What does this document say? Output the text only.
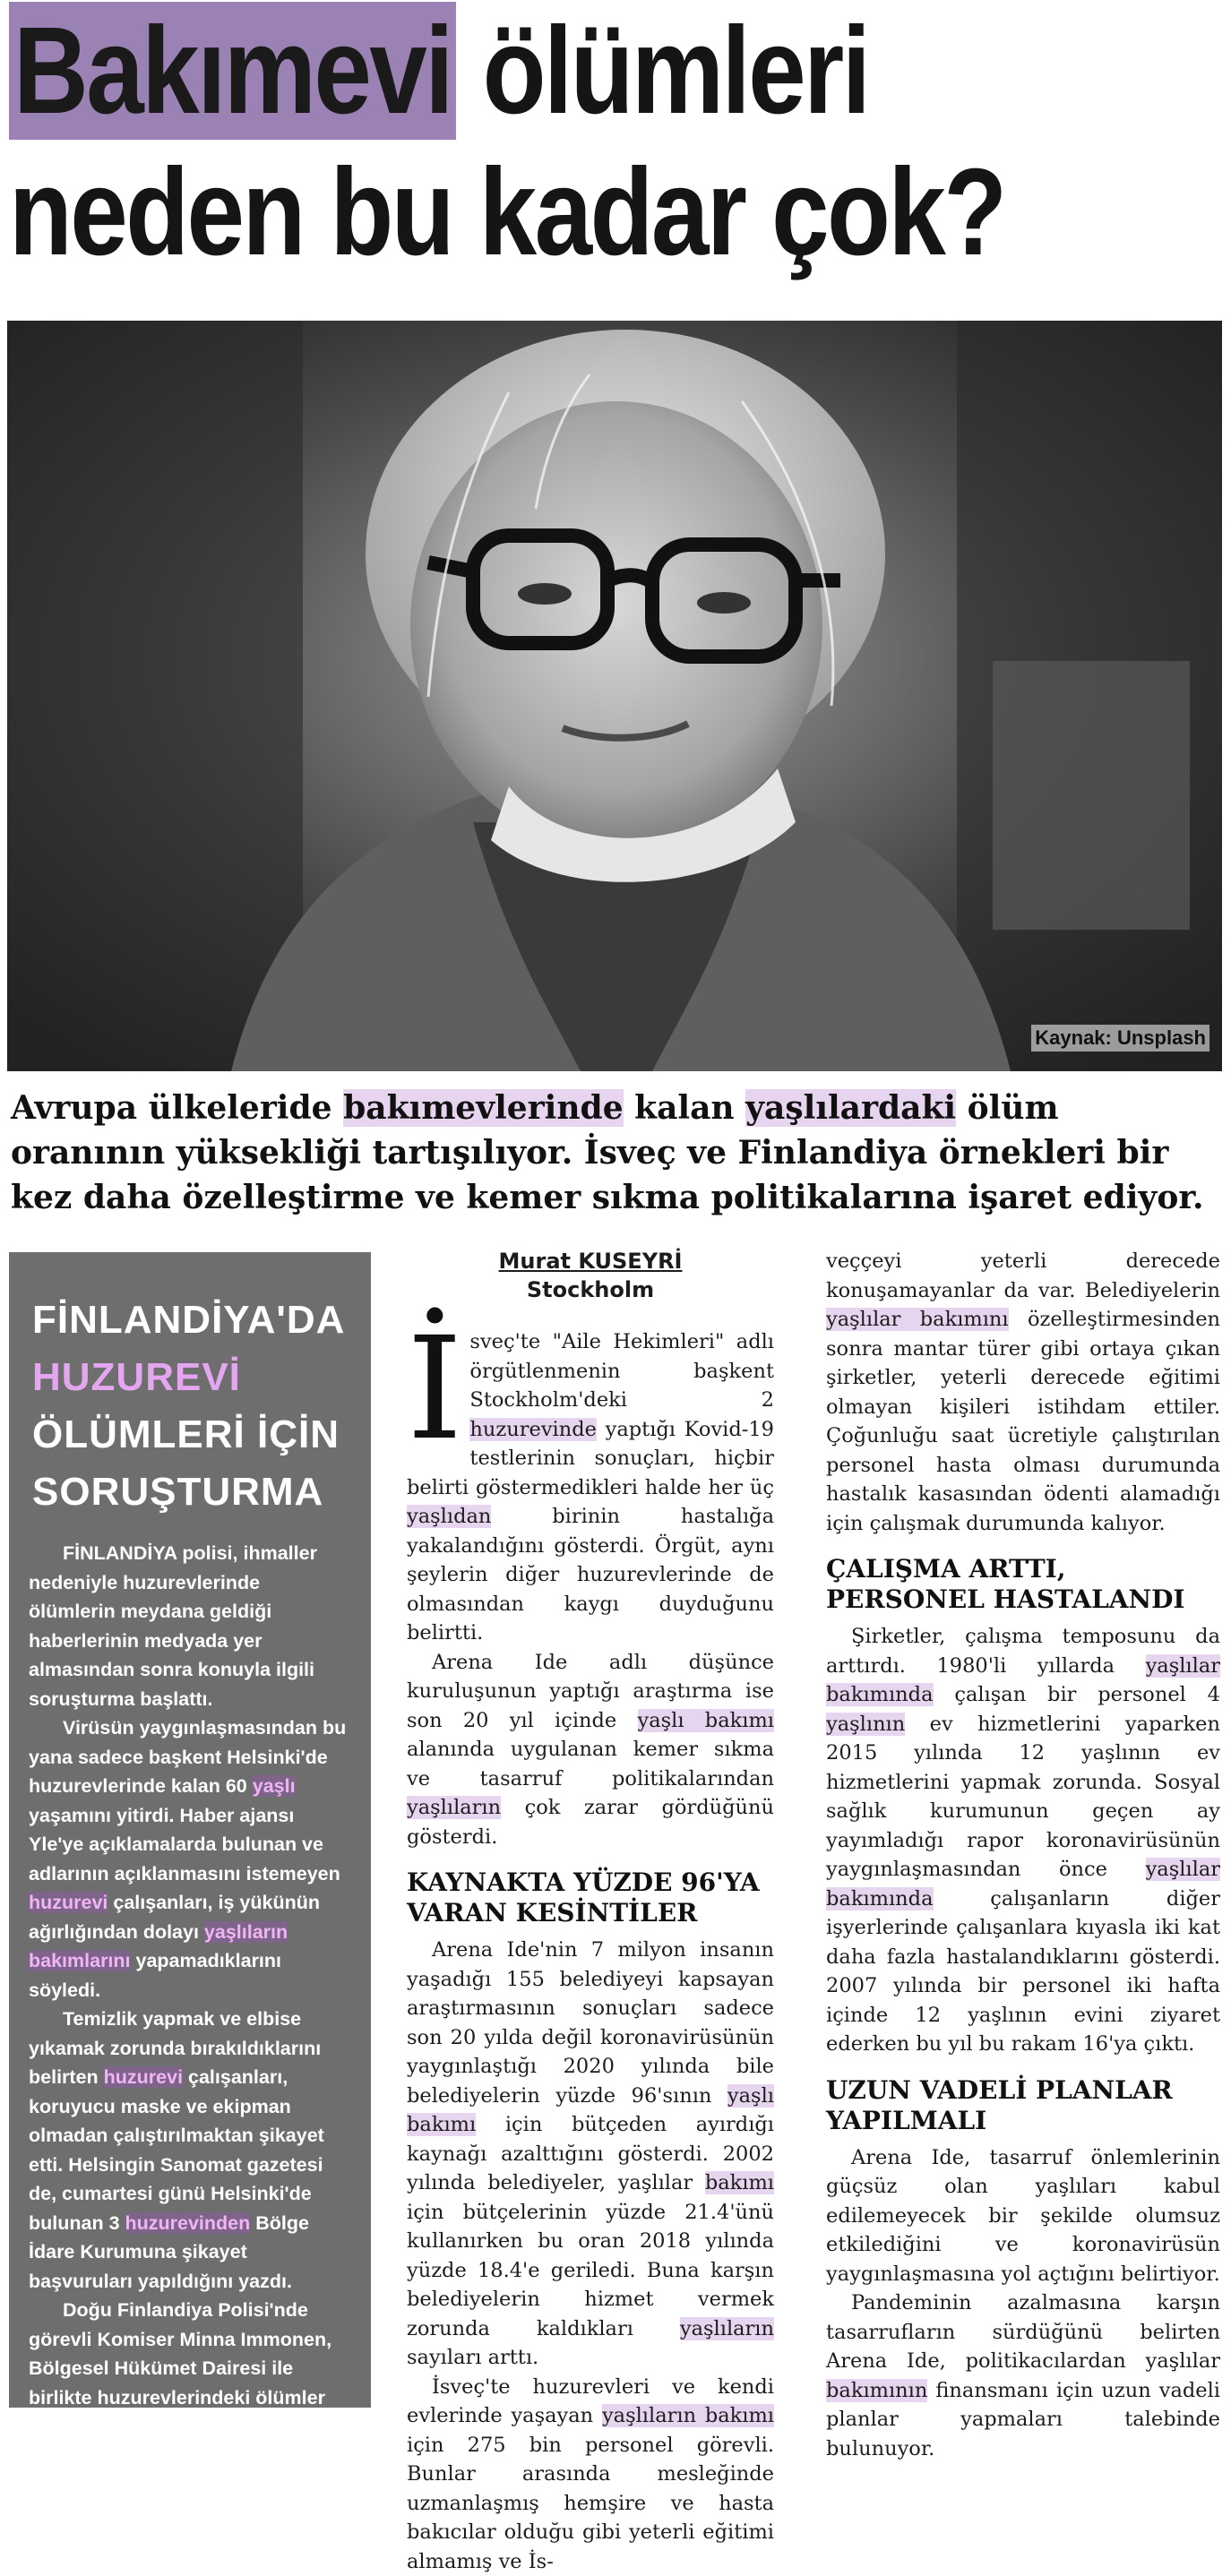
Bakımevi ölümleri
neden bu kadar çok?
Kaynak: Unsplash
Avrupa ülkeleride bakımevlerinde kalan yaşlılardaki ölüm oranının yüksekliği tartışılıyor. İsveç ve Finlandiya örnekleri bir kez daha özelleştirme ve kemer sıkma politikalarına işaret ediyor.
FİNLANDİYA'DA
HUZUREVİ
ÖLÜMLERİ İÇİN
SORUŞTURMA

FİNLANDİYA polisi, ihmaller nedeniyle huzurevlerinde ölümlerin meydana geldiği haberlerinin medyada yer almasından sonra konuyla ilgili soruşturma başlattı.

Virüsün yaygınlaşmasından bu yana sadece başkent Helsinki'de huzurevlerinde kalan 60 yaşlı yaşamını yitirdi. Haber ajansı Yle'ye açıklamalarda bulunan ve adlarının açıklanmasını istemeyen huzurevi çalışanları, iş yükünün ağırlığından dolayı yaşlıların bakımlarını yapamadıklarını söyledi.

Temizlik yapmak ve elbise yıkamak zorunda bırakıldıklarını belirten huzurevi çalışanları, koruyucu maske ve ekipman olmadan çalıştırılmaktan şikayet etti. Helsingin Sanomat gazetesi de, cumartesi günü Helsinki'de bulunan 3 huzurevinden Bölge İdare Kurumuna şikayet başvuruları yapıldığını yazdı.

Doğu Finlandiya Polisi'nde görevli Komiser Minna Immonen, Bölgesel Hükümet Dairesi ile birlikte huzurevlerindeki ölümler hakkında inceleme başlattıklarını açıkladı. (Stockholm/EVRENSEL)

Murat KUSEYRİ
Stockholm

İsveç'te "Aile Hekimleri" adlı örgütlenmenin başkent Stockholm'deki 2 huzurevinde yaptığı Kovid-19 testlerinin sonuçları, hiçbir belirti göstermedikleri halde her üç yaşlıdan birinin hastalığa yakalandığını gösterdi. Örgüt, aynı şeylerin diğer huzurevlerinde de olmasından kaygı duyduğunu belirtti.

Arena Ide adlı düşünce kuruluşunun yaptığı araştırma ise son 20 yıl içinde yaşlı bakımı alanında uygulanan kemer sıkma ve tasarruf politikalarından yaşlıların çok zarar gördüğünü gösterdi.

KAYNAKTA YÜZDE 96'YA VARAN KESİNTİLER

Arena Ide'nin 7 milyon insanın yaşadığı 155 belediyeyi kapsayan araştırmasının sonuçları sadece son 20 yılda değil koronavirüsünün yaygınlaştığı 2020 yılında bile belediyelerin yüzde 96'sının yaşlı bakımı için bütçeden ayırdığı kaynağı azalttığını gösterdi. 2002 yılında belediyeler, yaşlılar bakımı için bütçelerinin yüzde 21.4'ünü kullanırken bu oran 2018 yılında yüzde 18.4'e geriledi. Buna karşın belediyelerin hizmet vermek zorunda kaldıkları yaşlıların sayıları arttı.

İsveç'te huzurevleri ve kendi evlerinde yaşayan yaşlıların bakımı için 275 bin personel görevli. Bunlar arasında mesleğinde uzmanlaşmış hemşire ve hasta bakıcılar olduğu gibi yeterli eğitimi almamış ve İs-

veççeyi yeterli derecede konuşamayanlar da var. Belediyelerin yaşlılar bakımını özelleştirmesinden sonra mantar türer gibi ortaya çıkan şirketler, yeterli derecede eğitimi olmayan kişileri istihdam ettiler. Çoğunluğu saat ücretiyle çalıştırılan personel hasta olması durumunda hastalık kasasından ödenti alamadığı için çalışmak durumunda kalıyor.

ÇALIŞMA ARTTI, PERSONEL HASTALANDI

Şirketler, çalışma temposunu da arttırdı. 1980'li yıllarda yaşlılar bakımında çalışan bir personel 4 yaşlının ev hizmetlerini yaparken 2015 yılında 12 yaşlının ev hizmetlerini yapmak zorunda. Sosyal sağlık kurumunun geçen ay yayımladığı rapor koronavirüsünün yaygınlaşmasından önce yaşlılar bakımında çalışanların diğer işyerlerinde çalışanlara kıyasla iki kat daha fazla hastalandıklarını gösterdi. 2007 yılında bir personel iki hafta içinde 12 yaşlının evini ziyaret ederken bu yıl bu rakam 16'ya çıktı.

UZUN VADELİ PLANLAR YAPILMALI

Arena Ide, tasarruf önlemlerinin güçsüz olan yaşlıları kabul edilemeyecek bir şekilde olumsuz etkilediğini ve koronavirüsün yaygınlaşmasına yol açtığını belirtiyor.

Pandeminin azalmasına karşın tasarrufların sürdüğünü belirten Arena Ide, politikacılardan yaşlılar bakımının finansmanı için uzun vadeli planlar yapmaları talebinde bulunuyor.
